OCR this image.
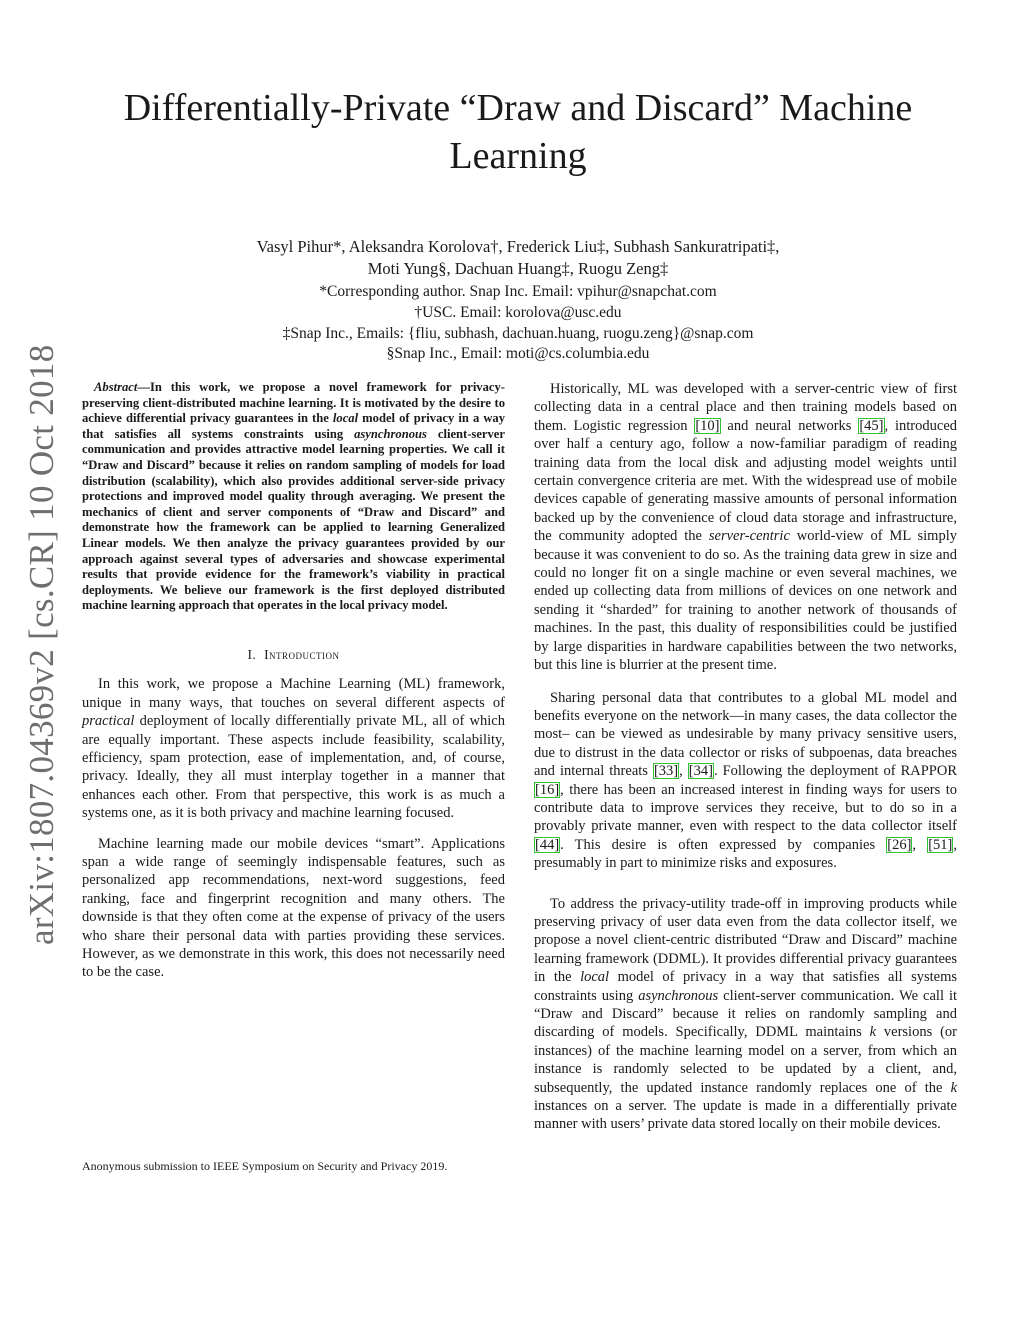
arXiv:1807.04369v2 [cs.CR] 10 Oct 2018
Differentially-Private “Draw and Discard” Machine Learning
Vasyl Pihur*, Aleksandra Korolova†, Frederick Liu‡, Subhash Sankuratripati‡,
Moti Yung§, Dachuan Huang‡, Ruogu Zeng‡
*Corresponding author. Snap Inc. Email: vpihur@snapchat.com
†USC. Email: korolova@usc.edu
‡Snap Inc., Emails: {fliu, subhash, dachuan.huang, ruogu.zeng}@snap.com
§Snap Inc., Email: moti@cs.columbia.edu

Abstract—In this work, we propose a novel framework for privacy-preserving client-distributed machine learning. It is motivated by the desire to achieve differential privacy guarantees in the local model of privacy in a way that satisfies all systems constraints using asynchronous client-server communication and provides attractive model learning properties. We call it “Draw and Discard” because it relies on random sampling of models for load distribution (scalability), which also provides additional server-side privacy protections and improved model quality through averaging. We present the mechanics of client and server components of “Draw and Discard” and demonstrate how the framework can be applied to learning Generalized Linear models. We then analyze the privacy guarantees provided by our approach against several types of adversaries and showcase experimental results that provide evidence for the framework’s viability in practical deployments. We believe our framework is the first deployed distributed machine learning approach that operates in the local privacy model.

I. Introduction

In this work, we propose a Machine Learning (ML) framework, unique in many ways, that touches on several different aspects of practical deployment of locally differentially private ML, all of which are equally important. These aspects include feasibility, scalability, efficiency, spam protection, ease of implementation, and, of course, privacy. Ideally, they all must interplay together in a manner that enhances each other. From that perspective, this work is as much a systems one, as it is both privacy and machine learning focused.

Machine learning made our mobile devices “smart”. Applications span a wide range of seemingly indispensable features, such as personalized app recommendations, next-word suggestions, feed ranking, face and fingerprint recognition and many others. The downside is that they often come at the expense of privacy of the users who share their personal data with parties providing these services. However, as we demonstrate in this work, this does not necessarily need to be the case.

Anonymous submission to IEEE Symposium on Security and Privacy 2019.

Historically, ML was developed with a server-centric view of first collecting data in a central place and then training models based on them. Logistic regression [10] and neural networks [45], introduced over half a century ago, follow a now-familiar paradigm of reading training data from the local disk and adjusting model weights until certain convergence criteria are met. With the widespread use of mobile devices capable of generating massive amounts of personal information backed up by the convenience of cloud data storage and infrastructure, the community adopted the server-centric world-view of ML simply because it was convenient to do so. As the training data grew in size and could no longer fit on a single machine or even several machines, we ended up collecting data from millions of devices on one network and sending it “sharded” for training to another network of thousands of machines. In the past, this duality of responsibilities could be justified by large disparities in hardware capabilities between the two networks, but this line is blurrier at the present time.

Sharing personal data that contributes to a global ML model and benefits everyone on the network—in many cases, the data collector the most– can be viewed as undesirable by many privacy sensitive users, due to distrust in the data collector or risks of subpoenas, data breaches and internal threats [33], [34]. Following the deployment of RAPPOR [16], there has been an increased interest in finding ways for users to contribute data to improve services they receive, but to do so in a provably private manner, even with respect to the data collector itself [44]. This desire is often expressed by companies [26], [51], presumably in part to minimize risks and exposures.

To address the privacy-utility trade-off in improving products while preserving privacy of user data even from the data collector itself, we propose a novel client-centric distributed “Draw and Discard” machine learning framework (DDML). It provides differential privacy guarantees in the local model of privacy in a way that satisfies all systems constraints using asynchronous client-server communication. We call it “Draw and Discard” because it relies on randomly sampling and discarding of models. Specifically, DDML maintains k versions (or instances) of the machine learning model on a server, from which an instance is randomly selected to be updated by a client, and, subsequently, the updated instance randomly replaces one of the k instances on a server. The update is made in a differentially private manner with users’ private data stored locally on their mobile devices.
